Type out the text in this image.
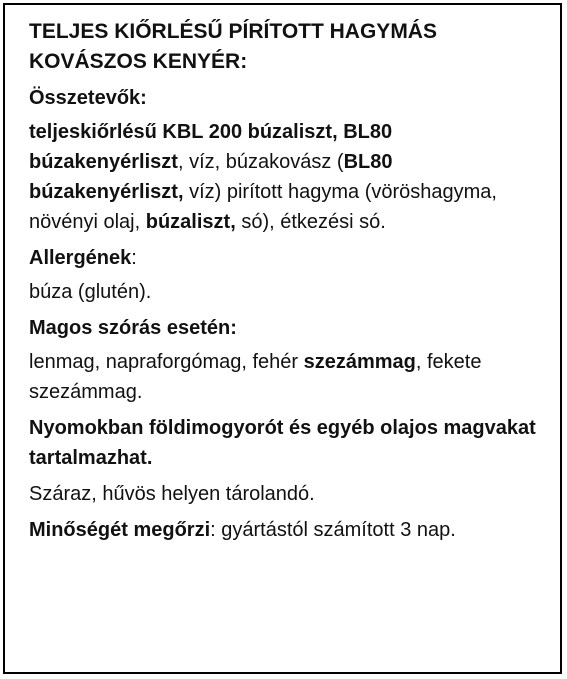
TELJES KIŐRLÉSŰ PÍRÍTOTT HAGYMÁS KOVÁSZOS KENYÉR:
Összetevők:
teljeskiőrlésű KBL 200 búzaliszt, BL80 búzakenyérliszt, víz, búzakovász (BL80 búzakenyérliszt, víz) pirított hagyma (vöröshagyma, növényi olaj, búzaliszt, só), étkezési só.
Allergének:
búza (glutén).
Magos szórás esetén:
lenmag, napraforgómag, fehér szezámmag, fekete szezámmag.
Nyomokban földimogyorót és egyéb olajos magvakat tartalmazhat.
Száraz, hűvös helyen tárolandó.
Minőségét megőrzi: gyártástól számított 3 nap.
